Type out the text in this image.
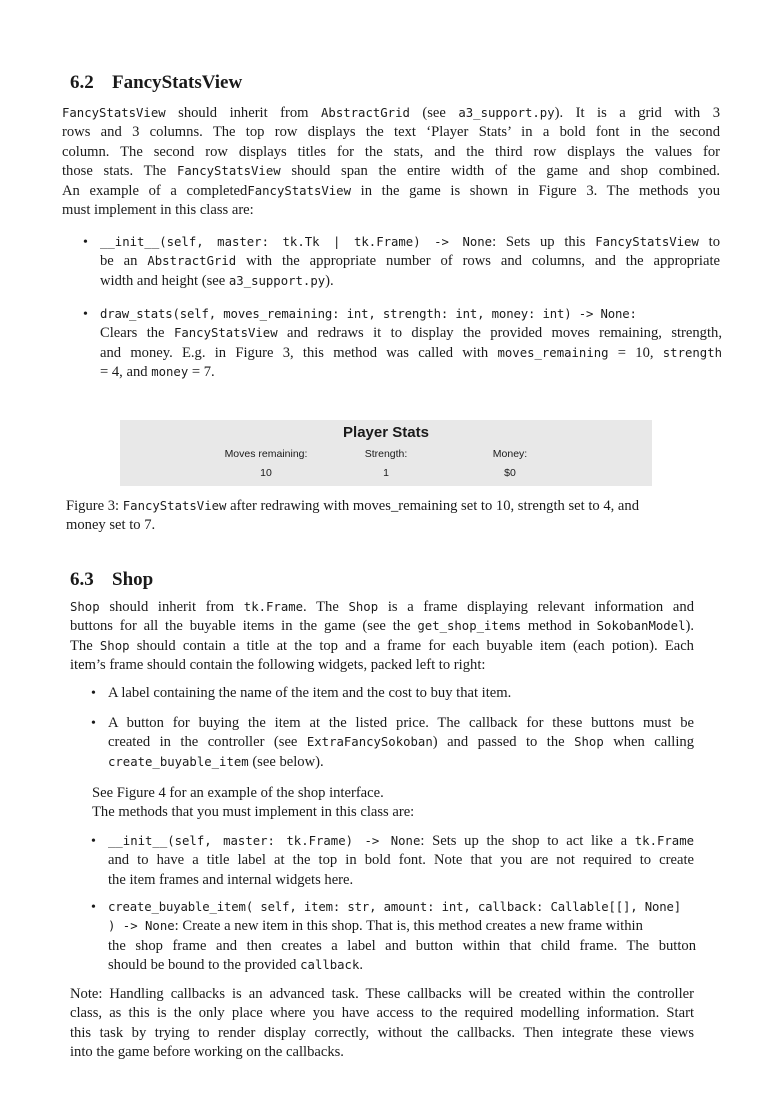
6.2 FancyStatsView
FancyStatsView should inherit from AbstractGrid (see a3_support.py). It is a grid with 3
rows and 3 columns. The top row displays the text ‘Player Stats’ in a bold font in the second
column. The second row displays titles for the stats, and the third row displays the values for
those stats. The FancyStatsView should span the entire width of the game and shop combined.
An example of a completedFancyStatsView in the game is shown in Figure 3. The methods you
must implement in this class are:
• __init__(self, master: tk.Tk | tk.Frame) -> None: Sets up this FancyStatsView to
be an AbstractGrid with the appropriate number of rows and columns, and the appropriate
width and height (see a3_support.py).
• draw_stats(self, moves_remaining: int, strength: int, money: int) -> None:
Clears the FancyStatsView and redraws it to display the provided moves remaining, strength,
and money. E.g. in Figure 3, this method was called with moves_remaining = 10, strength
= 4, and money = 7.
Player Stats
Moves remaining:	Strength:	Money:
10	1	$0
Figure 3: FancyStatsView after redrawing with moves_remaining set to 10, strength set to 4, and
money set to 7.
6.3 Shop
Shop should inherit from tk.Frame. The Shop is a frame displaying relevant information and
buttons for all the buyable items in the game (see the get_shop_items method in SokobanModel).
The Shop should contain a title at the top and a frame for each buyable item (each potion). Each
item’s frame should contain the following widgets, packed left to right:
• A label containing the name of the item and the cost to buy that item.
• A button for buying the item at the listed price. The callback for these buttons must be
created in the controller (see ExtraFancySokoban) and passed to the Shop when calling
create_buyable_item (see below).
See Figure 4 for an example of the shop interface.
The methods that you must implement in this class are:
• __init__(self, master: tk.Frame) -> None: Sets up the shop to act like a tk.Frame
and to have a title label at the top in bold font. Note that you are not required to create
the item frames and internal widgets here.
• create_buyable_item( self, item: str, amount: int, callback: Callable[[], None]
) -> None: Create a new item in this shop. That is, this method creates a new frame within
the shop frame and then creates a label and button within that child frame. The button
should be bound to the provided callback.
Note: Handling callbacks is an advanced task. These callbacks will be created within the controller
class, as this is the only place where you have access to the required modelling information. Start
this task by trying to render display correctly, without the callbacks. Then integrate these views
into the game before working on the callbacks.
